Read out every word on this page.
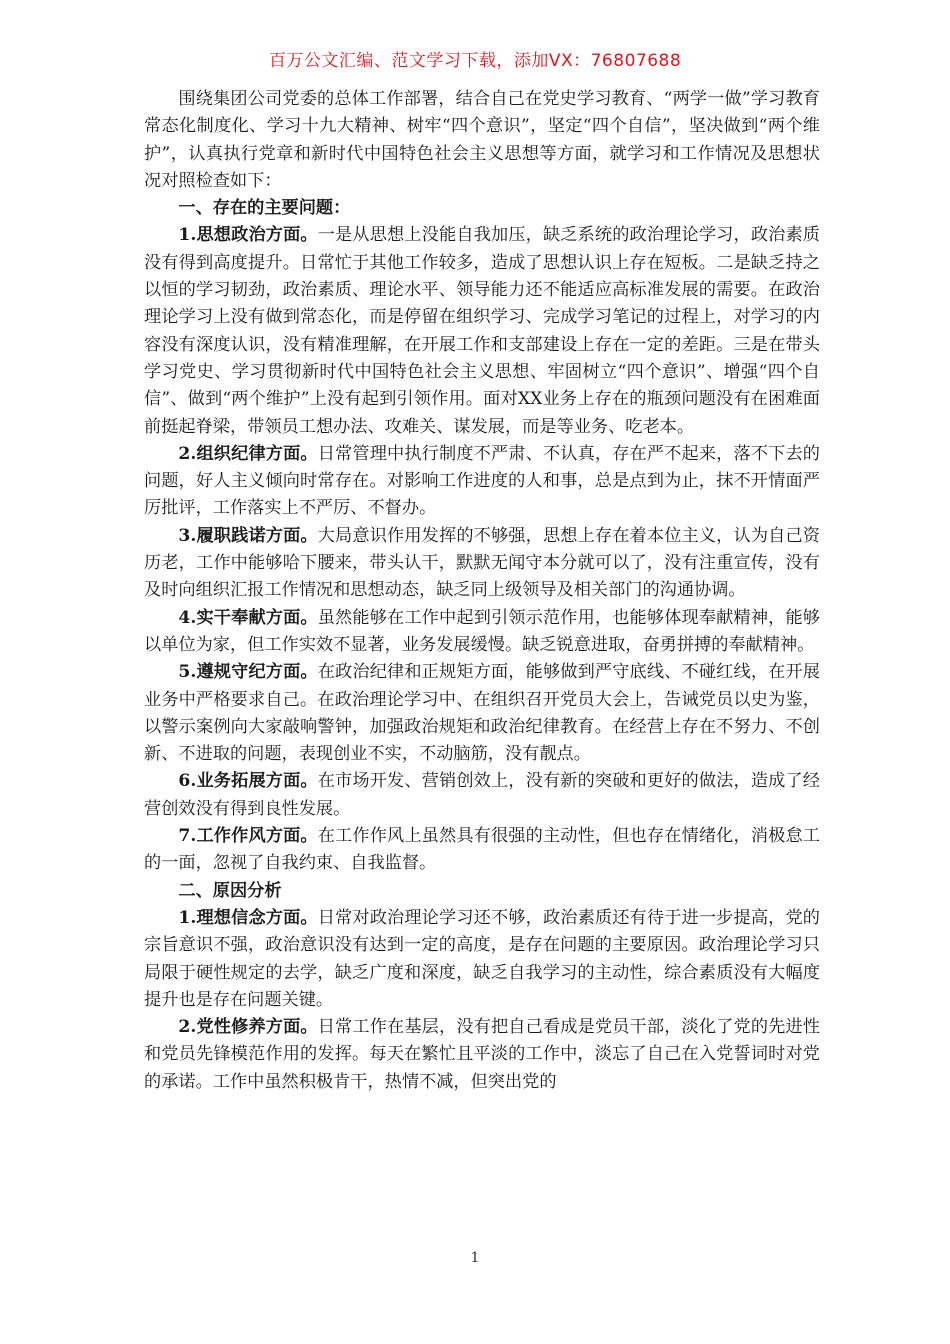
百万公文汇编、范文学习下载，添加VX：76807688

围绕集团公司党委的总体工作部署，结合自己在党史学习教育、“两学一做”学习教育常态化制度化、学习十九大精神、树牢“四个意识”，坚定“四个自信”，坚决做到“两个维护”，认真执行党章和新时代中国特色社会主义思想等方面，就学习和工作情况及思想状况对照检查如下：

一、存在的主要问题：

1.思想政治方面。一是从思想上没能自我加压，缺乏系统的政治理论学习，政治素质没有得到高度提升。日常忙于其他工作较多，造成了思想认识上存在短板。二是缺乏持之以恒的学习韧劲，政治素质、理论水平、领导能力还不能适应高标准发展的需要。在政治理论学习上没有做到常态化，而是停留在组织学习、完成学习笔记的过程上，对学习的内容没有深度认识，没有精准理解，在开展工作和支部建设上存在一定的差距。三是在带头学习党史、学习贯彻新时代中国特色社会主义思想、牢固树立“四个意识”、增强“四个自信”、做到“两个维护”上没有起到引领作用。面对XX业务上存在的瓶颈问题没有在困难面前挺起脊梁，带领员工想办法、攻难关、谋发展，而是等业务、吃老本。

2.组织纪律方面。日常管理中执行制度不严肃、不认真，存在严不起来，落不下去的问题，好人主义倾向时常存在。对影响工作进度的人和事，总是点到为止，抹不开情面严厉批评，工作落实上不严厉、不督办。

3.履职践诺方面。大局意识作用发挥的不够强，思想上存在着本位主义，认为自己资历老，工作中能够哈下腰来，带头认干，默默无闻守本分就可以了，没有注重宣传，没有及时向组织汇报工作情况和思想动态，缺乏同上级领导及相关部门的沟通协调。

4.实干奉献方面。虽然能够在工作中起到引领示范作用，也能够体现奉献精神，能够以单位为家，但工作实效不显著，业务发展缓慢。缺乏锐意进取，奋勇拼搏的奉献精神。

5.遵规守纪方面。在政治纪律和正规矩方面，能够做到严守底线、不碰红线，在开展业务中严格要求自己。在政治理论学习中、在组织召开党员大会上，告诫党员以史为鉴，以警示案例向大家敲响警钟，加强政治规矩和政治纪律教育。在经营上存在不努力、不创新、不进取的问题，表现创业不实，不动脑筋，没有靓点。

6.业务拓展方面。在市场开发、营销创效上，没有新的突破和更好的做法，造成了经营创效没有得到良性发展。

7.工作作风方面。在工作作风上虽然具有很强的主动性，但也存在情绪化，消极怠工的一面，忽视了自我约束、自我监督。

二、原因分析

1.理想信念方面。日常对政治理论学习还不够，政治素质还有待于进一步提高，党的宗旨意识不强，政治意识没有达到一定的高度，是存在问题的主要原因。政治理论学习只局限于硬性规定的去学，缺乏广度和深度，缺乏自我学习的主动性，综合素质没有大幅度提升也是存在问题关键。

2.党性修养方面。日常工作在基层，没有把自己看成是党员干部，淡化了党的先进性和党员先锋模范作用的发挥。每天在繁忙且平淡的工作中，淡忘了自己在入党誓词时对党的承诺。工作中虽然积极肯干，热情不减，但突出党的

1
